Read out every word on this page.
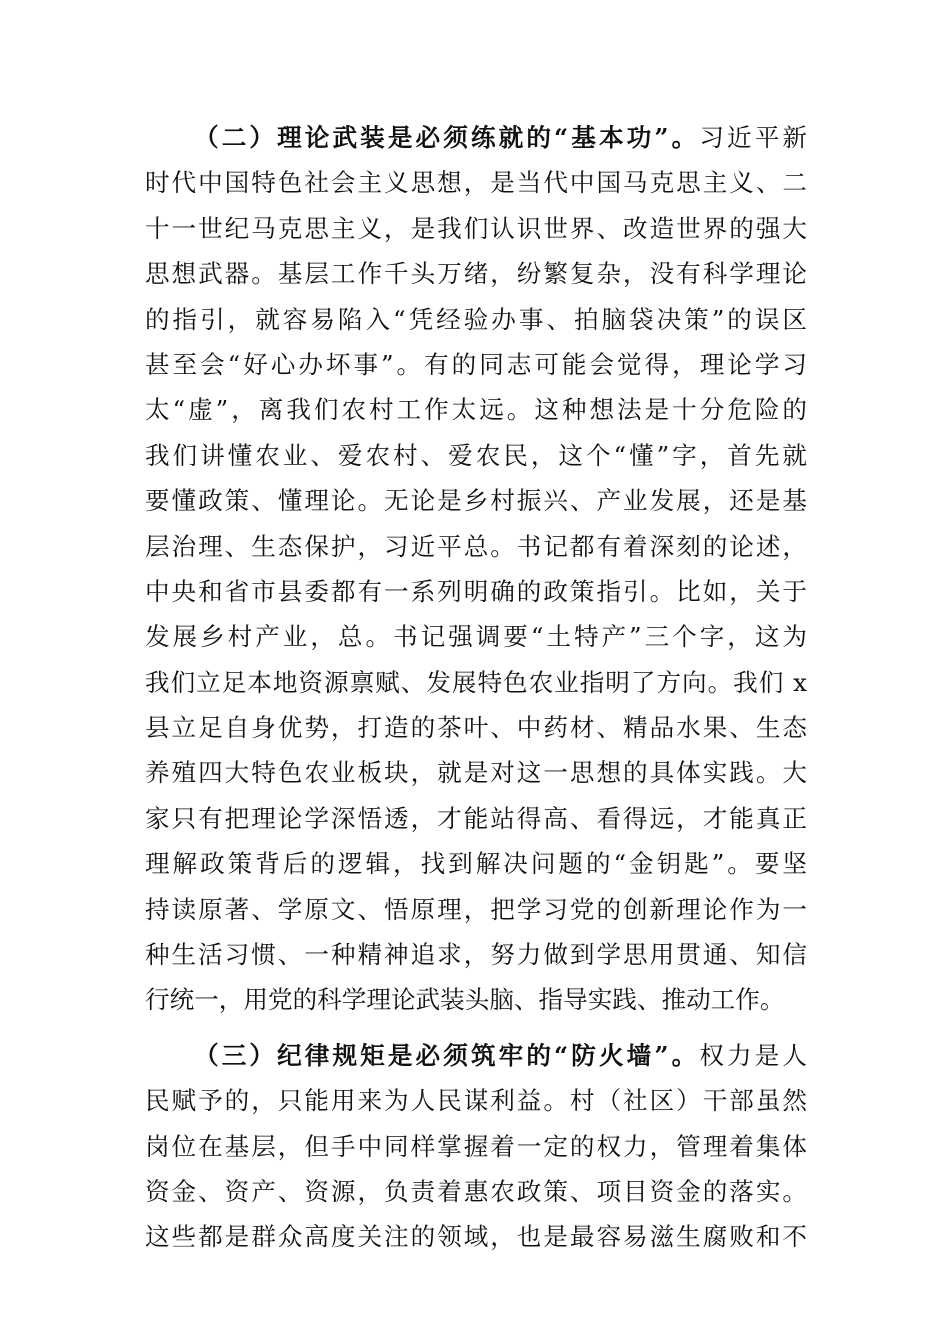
（二）理论武装是必须练就的“基本功”。习近平新
时代中国特色社会主义思想，是当代中国马克思主义、二
十一世纪马克思主义，是我们认识世界、改造世界的强大
思想武器。基层工作千头万绪，纷繁复杂，没有科学理论
的指引，就容易陷入“凭经验办事、拍脑袋决策”的误区
甚至会“好心办坏事”。有的同志可能会觉得，理论学习
太“虚”，离我们农村工作太远。这种想法是十分危险的
我们讲懂农业、爱农村、爱农民，这个“懂”字，首先就
要懂政策、懂理论。无论是乡村振兴、产业发展，还是基
层治理、生态保护，习近平总。书记都有着深刻的论述，
中央和省市县委都有一系列明确的政策指引。比如，关于
发展乡村产业，总。书记强调要“土特产”三个字，这为
我们立足本地资源禀赋、发展特色农业指明了方向。我们 x
县立足自身优势，打造的茶叶、中药材、精品水果、生态
养殖四大特色农业板块，就是对这一思想的具体实践。大
家只有把理论学深悟透，才能站得高、看得远，才能真正
理解政策背后的逻辑，找到解决问题的“金钥匙”。要坚
持读原著、学原文、悟原理，把学习党的创新理论作为一
种生活习惯、一种精神追求，努力做到学思用贯通、知信
行统一，用党的科学理论武装头脑、指导实践、推动工作。
（三）纪律规矩是必须筑牢的“防火墙”。权力是人
民赋予的，只能用来为人民谋利益。村（社区）干部虽然
岗位在基层，但手中同样掌握着一定的权力，管理着集体
资金、资产、资源，负责着惠农政策、项目资金的落实。
这些都是群众高度关注的领域，也是最容易滋生腐败和不
